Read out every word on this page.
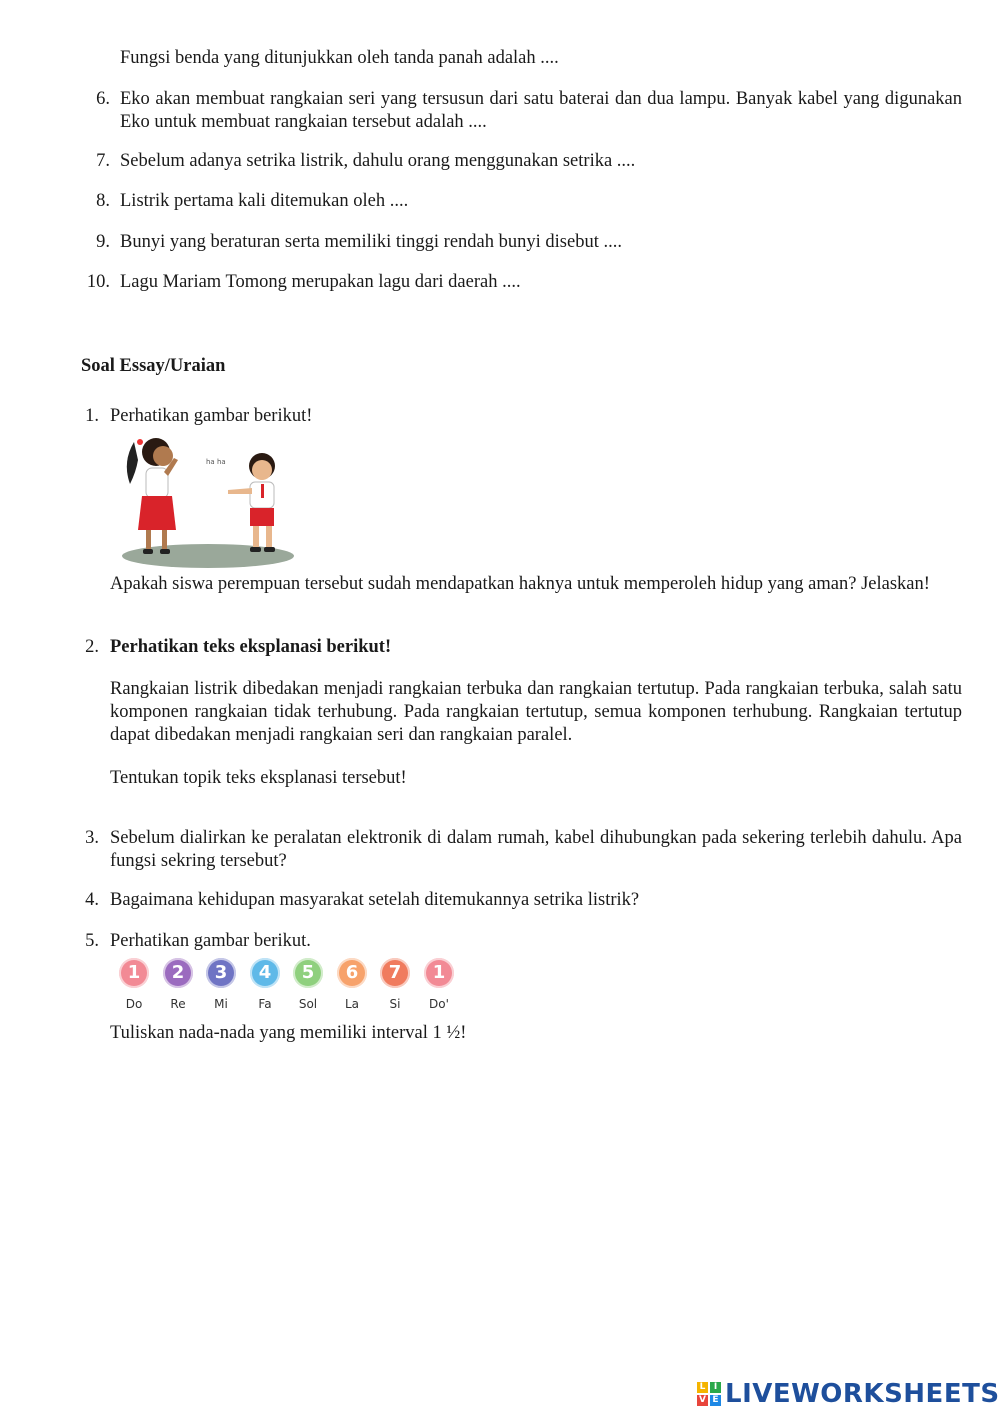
Fungsi benda yang ditunjukkan oleh tanda panah adalah ....
6. Eko akan membuat rangkaian seri yang tersusun dari satu baterai dan dua lampu. Banyak kabel yang digunakan Eko untuk membuat rangkaian tersebut adalah ....
7. Sebelum adanya setrika listrik, dahulu orang menggunakan setrika ....
8. Listrik pertama kali ditemukan oleh ....
9. Bunyi yang beraturan serta memiliki tinggi rendah bunyi disebut ....
10. Lagu Mariam Tomong merupakan lagu dari daerah ....
Soal Essay/Uraian
1. Perhatikan gambar berikut!
ha ha
Apakah siswa perempuan tersebut sudah mendapatkan haknya untuk memperoleh hidup yang aman? Jelaskan!
2. Perhatikan teks eksplanasi berikut!
Rangkaian listrik dibedakan menjadi rangkaian terbuka dan rangkaian tertutup. Pada rangkaian terbuka, salah satu komponen rangkaian tidak terhubung. Pada rangkaian tertutup, semua komponen terhubung. Rangkaian tertutup dapat dibedakan menjadi rangkaian seri dan rangkaian paralel.
Tentukan topik teks eksplanasi tersebut!
3. Sebelum dialirkan ke peralatan elektronik di dalam rumah, kabel dihubungkan pada sekering terlebih dahulu. Apa fungsi sekring tersebut?
4. Bagaimana kehidupan masyarakat setelah ditemukannya setrika listrik?
5. Perhatikan gambar berikut.
1
Do
2
Re
3
Mi
4
Fa
5
Sol
6
La
7
Si
1
Do'
Tuliskan nada-nada yang memiliki interval 1 ½!
L I
V E LIVEWORKSHEETS
